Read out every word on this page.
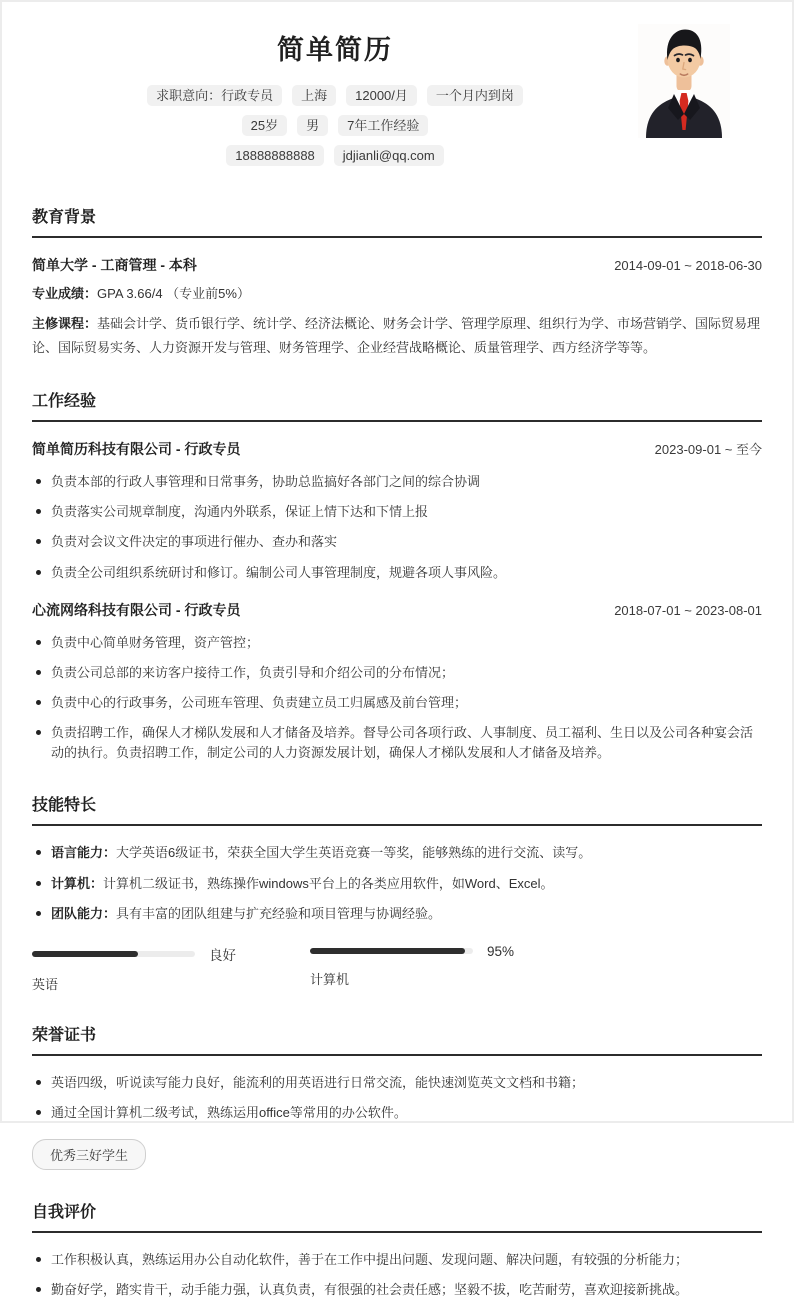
简单简历
求职意向：行政专员	上海	12000/月	一个月内到岗
25岁	男	7年工作经验
18888888888	jdjianli@qq.com
教育背景
简单大学 - 工商管理 - 本科	2014-09-01 ~ 2018-06-30

专业成绩：GPA 3.66/4 （专业前5%）

主修课程：基础会计学、货币银行学、统计学、经济法概论、财务会计学、管理学原理、组织行为学、市场营销学、国际贸易理论、国际贸易实务、人力资源开发与管理、财务管理学、企业经营战略概论、质量管理学、西方经济学等等。

工作经验
简单简历科技有限公司 - 行政专员	2023-09-01 ~ 至今
负责本部的行政人事管理和日常事务，协助总监搞好各部门之间的综合协调
负责落实公司规章制度，沟通内外联系，保证上情下达和下情上报
负责对会议文件决定的事项进行催办、查办和落实
负责全公司组织系统研讨和修订。编制公司人事管理制度，规避各项人事风险。
心流网络科技有限公司 - 行政专员	2018-07-01 ~ 2023-08-01
负责中心简单财务管理，资产管控；
负责公司总部的来访客户接待工作，负责引导和介绍公司的分布情况；
负责中心的行政事务，公司班车管理、负责建立员工归属感及前台管理；
负责招聘工作，确保人才梯队发展和人才储备及培养。督导公司各项行政、人事制度、员工福利、生日以及公司各种宴会活动的执行。负责招聘工作，制定公司的人力资源发展计划，确保人才梯队发展和人才储备及培养。
技能特长
语言能力：大学英语6级证书，荣获全国大学生英语竞赛一等奖，能够熟练的进行交流、读写。
计算机：计算机二级证书，熟练操作windows平台上的各类应用软件，如Word、Excel。
团队能力：具有丰富的团队组建与扩充经验和项目管理与协调经验。
良好
英语
95%
计算机
荣誉证书
英语四级，听说读写能力良好，能流利的用英语进行日常交流，能快速浏览英文文档和书籍；
通过全国计算机二级考试，熟练运用office等常用的办公软件。
优秀三好学生
自我评价
工作积极认真，熟练运用办公自动化软件，善于在工作中提出问题、发现问题、解决问题，有较强的分析能力；
勤奋好学，踏实肯干，动手能力强，认真负责，有很强的社会责任感；坚毅不拔，吃苦耐劳，喜欢迎接新挑战。
